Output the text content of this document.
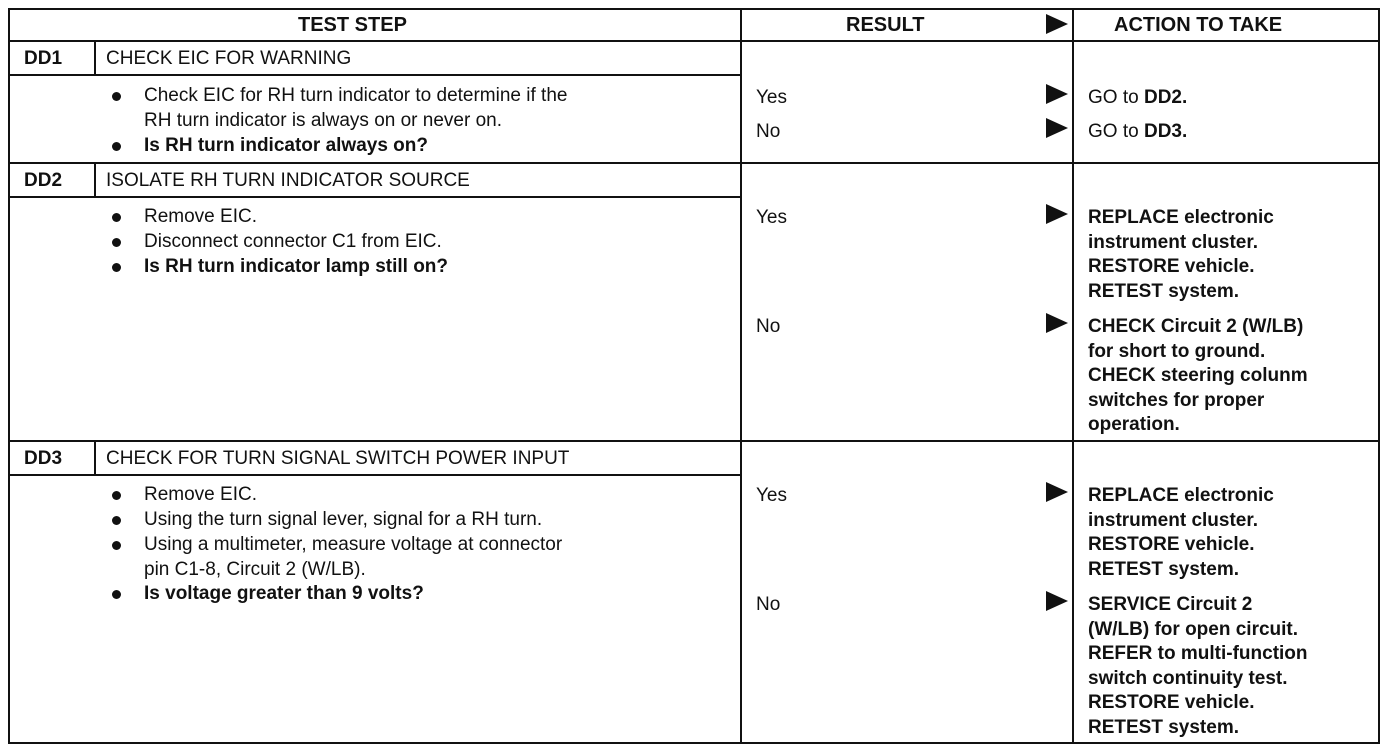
TEST STEP	RESULT	ACTION TO TAKE
DD1 CHECK EIC FOR WARNING
Check EIC for RH turn indicator to determine if the
RH turn indicator is always on or never on.
Is RH turn indicator always on?
Yes	GO to DD2.
No	GO to DD3.
DD2 ISOLATE RH TURN INDICATOR SOURCE
Remove EIC.
Disconnect connector C1 from EIC.
Is RH turn indicator lamp still on?
Yes	REPLACE electronic
instrument cluster.
RESTORE vehicle.
RETEST system.
No	CHECK Circuit 2 (W/LB)
for short to ground.
CHECK steering colunm
switches for proper
operation.
DD3 CHECK FOR TURN SIGNAL SWITCH POWER INPUT
Remove EIC.
Using the turn signal lever, signal for a RH turn.
Using a multimeter, measure voltage at connector
pin C1-8, Circuit 2 (W/LB).
Is voltage greater than 9 volts?
Yes	REPLACE electronic
instrument cluster.
RESTORE vehicle.
RETEST system.
No	SERVICE Circuit 2
(W/LB) for open circuit.
REFER to multi-function
switch continuity test.
RESTORE vehicle.
RETEST system.
